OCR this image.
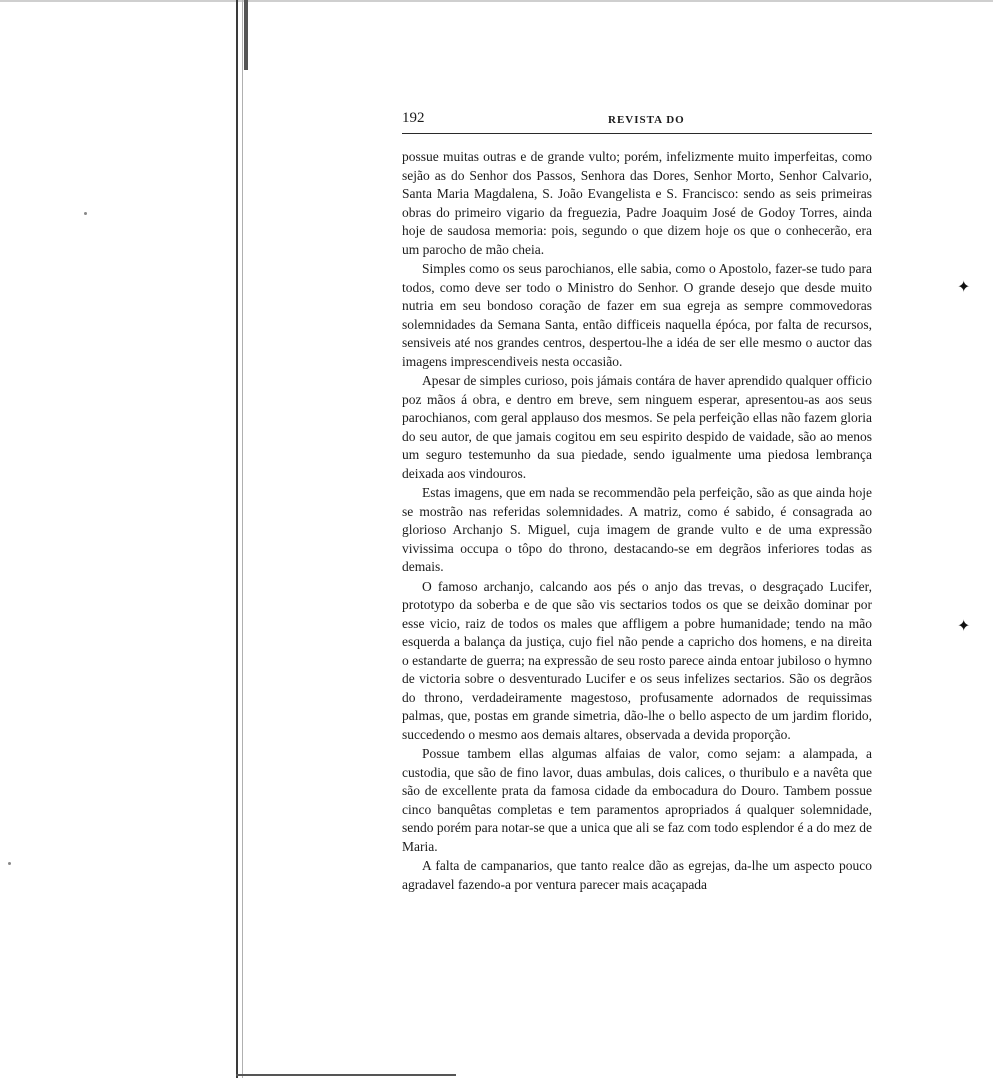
✦
✦
192	REVISTA DO

possue muitas outras e de grande vulto; porém, infelizmente muito imperfeitas, como sejão as do Senhor dos Passos, Senhora das Dores, Senhor Morto, Senhor Calvario, Santa Maria Magdalena, S. João Evangelista e S. Francisco: sendo as seis primeiras obras do primeiro vigario da freguezia, Padre Joaquim José de Godoy Torres, ainda hoje de saudosa memoria: pois, segundo o que dizem hoje os que o conhecerão, era um parocho de mão cheia.

Simples como os seus parochianos, elle sabia, como o Apostolo, fazer-se tudo para todos, como deve ser todo o Ministro do Senhor. O grande desejo que desde muito nutria em seu bondoso coração de fazer em sua egreja as sempre commovedoras solemnidades da Semana Santa, então difficeis naquella épóca, por falta de recursos, sensiveis até nos grandes centros, despertou-lhe a idéa de ser elle mesmo o auctor das imagens imprescendiveis nesta occasião.

Apesar de simples curioso, pois jámais contára de haver aprendido qualquer officio poz mãos á obra, e dentro em breve, sem ninguem esperar, apresentou-as aos seus parochianos, com geral applauso dos mesmos. Se pela perfeição ellas não fazem gloria do seu autor, de que jamais cogitou em seu espirito despido de vaidade, são ao menos um seguro testemunho da sua piedade, sendo igualmente uma piedosa lembrança deixada aos vindouros.

Estas imagens, que em nada se recommendão pela perfeição, são as que ainda hoje se mostrão nas referidas solemnidades. A matriz, como é sabido, é consagrada ao glorioso Archanjo S. Miguel, cuja imagem de grande vulto e de uma expressão vivissima occupa o tôpo do throno, destacando-se em degrãos inferiores todas as demais.

O famoso archanjo, calcando aos pés o anjo das trevas, o desgraçado Lucifer, prototypo da soberba e de que são vis sectarios todos os que se deixão dominar por esse vicio, raiz de todos os males que affligem a pobre humanidade; tendo na mão esquerda a balança da justiça, cujo fiel não pende a capricho dos homens, e na direita o estandarte de guerra; na expressão de seu rosto parece ainda entoar jubiloso o hymno de victoria sobre o desventurado Lucifer e os seus infelizes sectarios. São os degrãos do throno, verdadeiramente magestoso, profusamente adornados de requissimas palmas, que, postas em grande simetria, dão-lhe o bello aspecto de um jardim florido, succedendo o mesmo aos demais altares, observada a devida proporção.

Possue tambem ellas algumas alfaias de valor, como sejam: a alampada, a custodia, que são de fino lavor, duas ambulas, dois calices, o thuribulo e a navêta que são de excellente prata da famosa cidade da embocadura do Douro. Tambem possue cinco banquêtas completas e tem paramentos apropriados á qualquer solemnidade, sendo porém para notar-se que a unica que ali se faz com todo esplendor é a do mez de Maria.

A falta de campanarios, que tanto realce dão as egrejas, da-lhe um aspecto pouco agradavel fazendo-a por ventura parecer mais acaçapada
